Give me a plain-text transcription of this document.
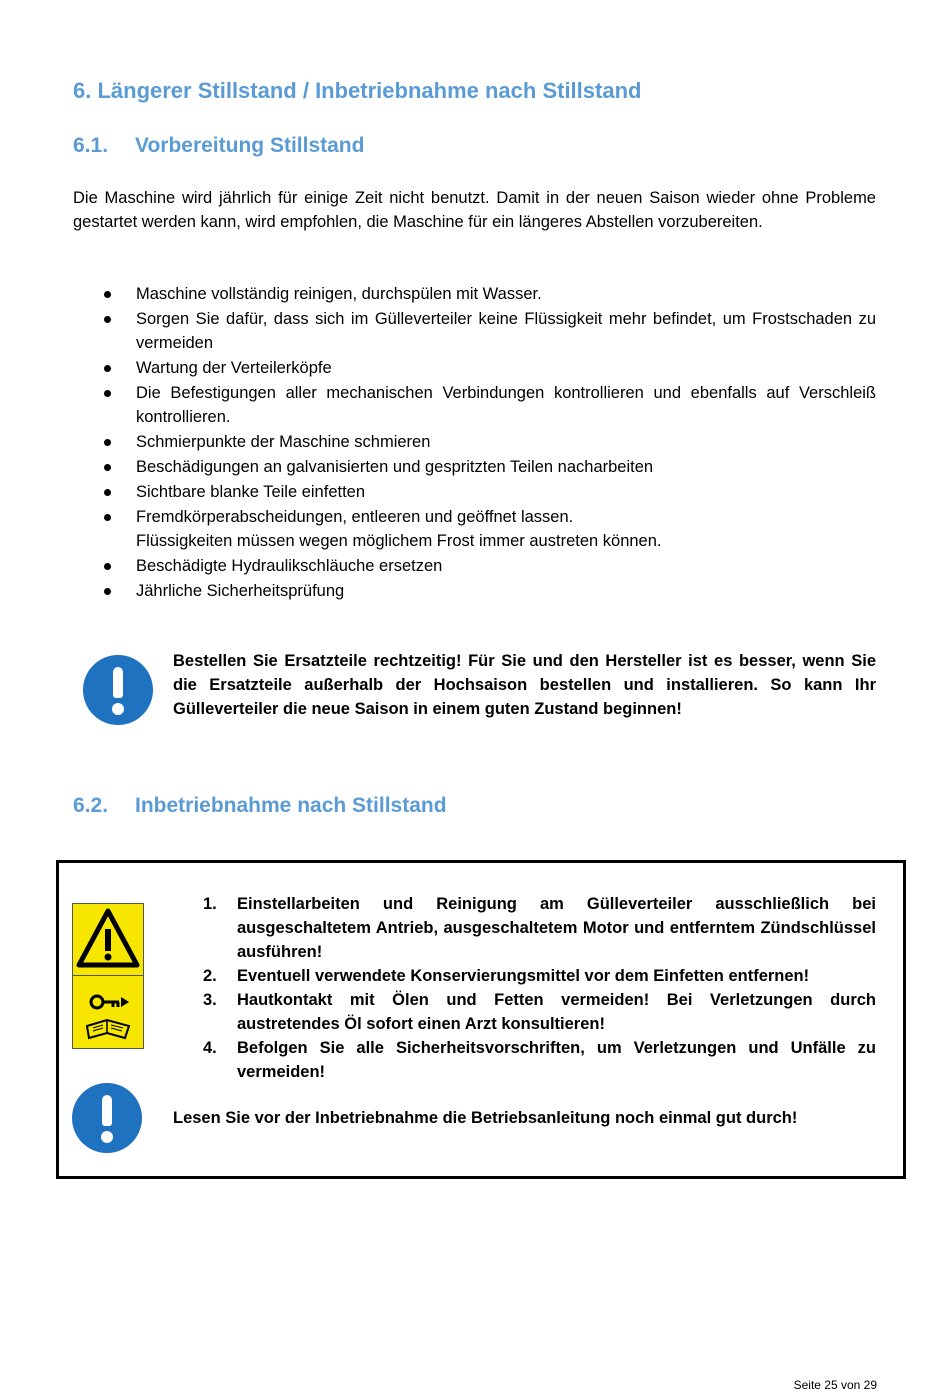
6. Längerer Stillstand / Inbetriebnahme nach Stillstand
6.1. Vorbereitung Stillstand

Die Maschine wird jährlich für einige Zeit nicht benutzt. Damit in der neuen Saison wieder ohne Probleme gestartet werden kann, wird empfohlen, die Maschine für ein längeres Abstellen vorzubereiten.

Maschine vollständig reinigen, durchspülen mit Wasser.
Sorgen Sie dafür, dass sich im Gülleverteiler keine Flüssigkeit mehr befindet, um Frostschaden zu vermeiden
Wartung der Verteilerköpfe
Die Befestigungen aller mechanischen Verbindungen kontrollieren und ebenfalls auf Verschleiß kontrollieren.
Schmierpunkte der Maschine schmieren
Beschädigungen an galvanisierten und gespritzten Teilen nacharbeiten
Sichtbare blanke Teile einfetten
Fremdkörperabscheidungen, entleeren und geöffnet lassen.
Flüssigkeiten müssen wegen möglichem Frost immer austreten können.
Beschädigte Hydraulikschläuche ersetzen
Jährliche Sicherheitsprüfung

Bestellen Sie Ersatzteile rechtzeitig! Für Sie und den Hersteller ist es besser, wenn Sie die Ersatzteile außerhalb der Hochsaison bestellen und installieren. So kann Ihr Gülleverteiler die neue Saison in einem guten Zustand beginnen!

6.2. Inbetriebnahme nach Stillstand
1. Einstellarbeiten und Reinigung am Gülleverteiler ausschließlich bei ausgeschaltetem Antrieb, ausgeschaltetem Motor und entferntem Zündschlüssel ausführen!
2. Eventuell verwendete Konservierungsmittel vor dem Einfetten entfernen!
3. Hautkontakt mit Ölen und Fetten vermeiden! Bei Verletzungen durch austretendes Öl sofort einen Arzt konsultieren!
4. Befolgen Sie alle Sicherheitsvorschriften, um Verletzungen und Unfälle zu vermeiden!

Lesen Sie vor der Inbetriebnahme die Betriebsanleitung noch einmal gut durch!

Seite 25 von 29
